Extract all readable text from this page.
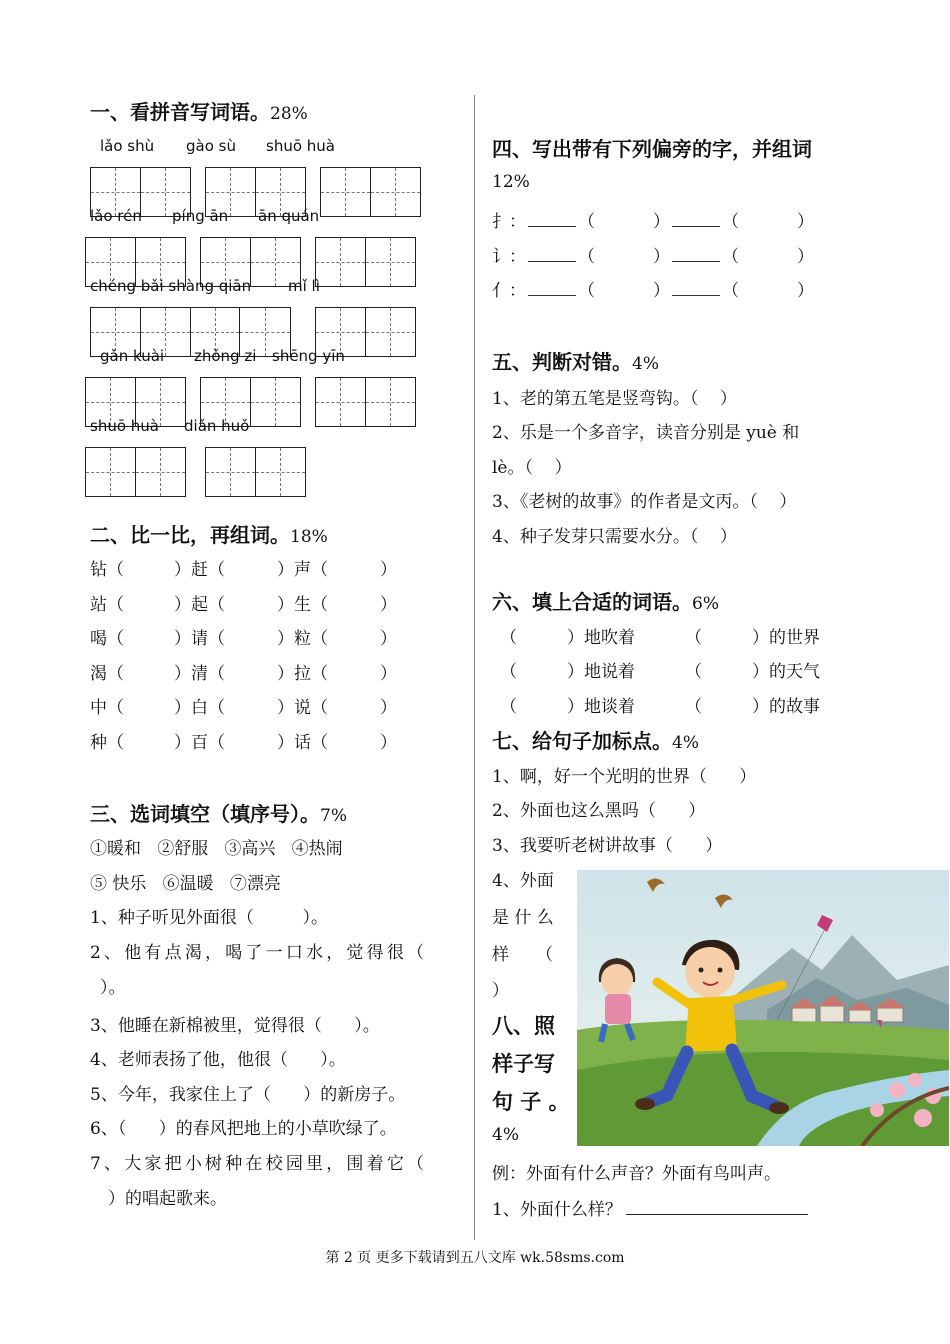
一、看拼音写词语。28%
lǎo shù gào sù shuō huà
lǎo rén píng ān ān quán
chéng bǎi shàng qiān mǐ lì
gǎn kuài zhǒng zi shēng yīn
shuō huà diǎn huǒ
二、比一比，再组词。18%
钻（	）赶（	）声（	）
站（	）起（	）生（	）
喝（	）请（	）粒（	）
渴（	）清（	）拉（	）
中（	）白（	）说（	）
种（	）百（	）话（	）
三、选词填空（填序号）。7%
①暖和   ②舒服   ③高兴   ④热闹
⑤ 快乐   ⑥温暖   ⑦漂亮
1、种子听见外面很（         ）。
2、他有点渴，喝了一口水，觉得很（
）。
3、他睡在新棉被里，觉得很（      ）。
4、老师表扬了他，他很（      ）。
5、今年，我家住上了（      ）的新房子。
6、（      ）的春风把地上的小草吹绿了。
7、大家把小树种在校园里，围着它（
）的唱起歌来。
四、写出带有下列偏旁的字，并组词
12%
扌：	（	）	（	）
讠：	（	）	（	）
亻：	（	）	（	）
五、判断对错。4%
1、老的第五笔是竖弯钩。（    ）
2、乐是一个多音字，读音分别是 yuè 和
lè。（    ）
3、《老树的故事》的作者是文丙。（    ）
4、种子发芽只需要水分。（    ）
六、填上合适的词语。6%
（	）地吹着	（	）的世界
（	）地说着	（	）的天气
（	）地谈着	（	）的故事
七、给句子加标点。4%
1、啊，好一个光明的世界（      ）
2、外面也这么黑吗（      ）
3、我要听老树讲故事（      ）
4、外面
是 什 么
样     （
）
八、照
样子写
句 子 。
4%
例：外面有什么声音？外面有鸟叫声。
1、外面什么样？
第 2 页 更多下载请到五八文库 wk.58sms.com
